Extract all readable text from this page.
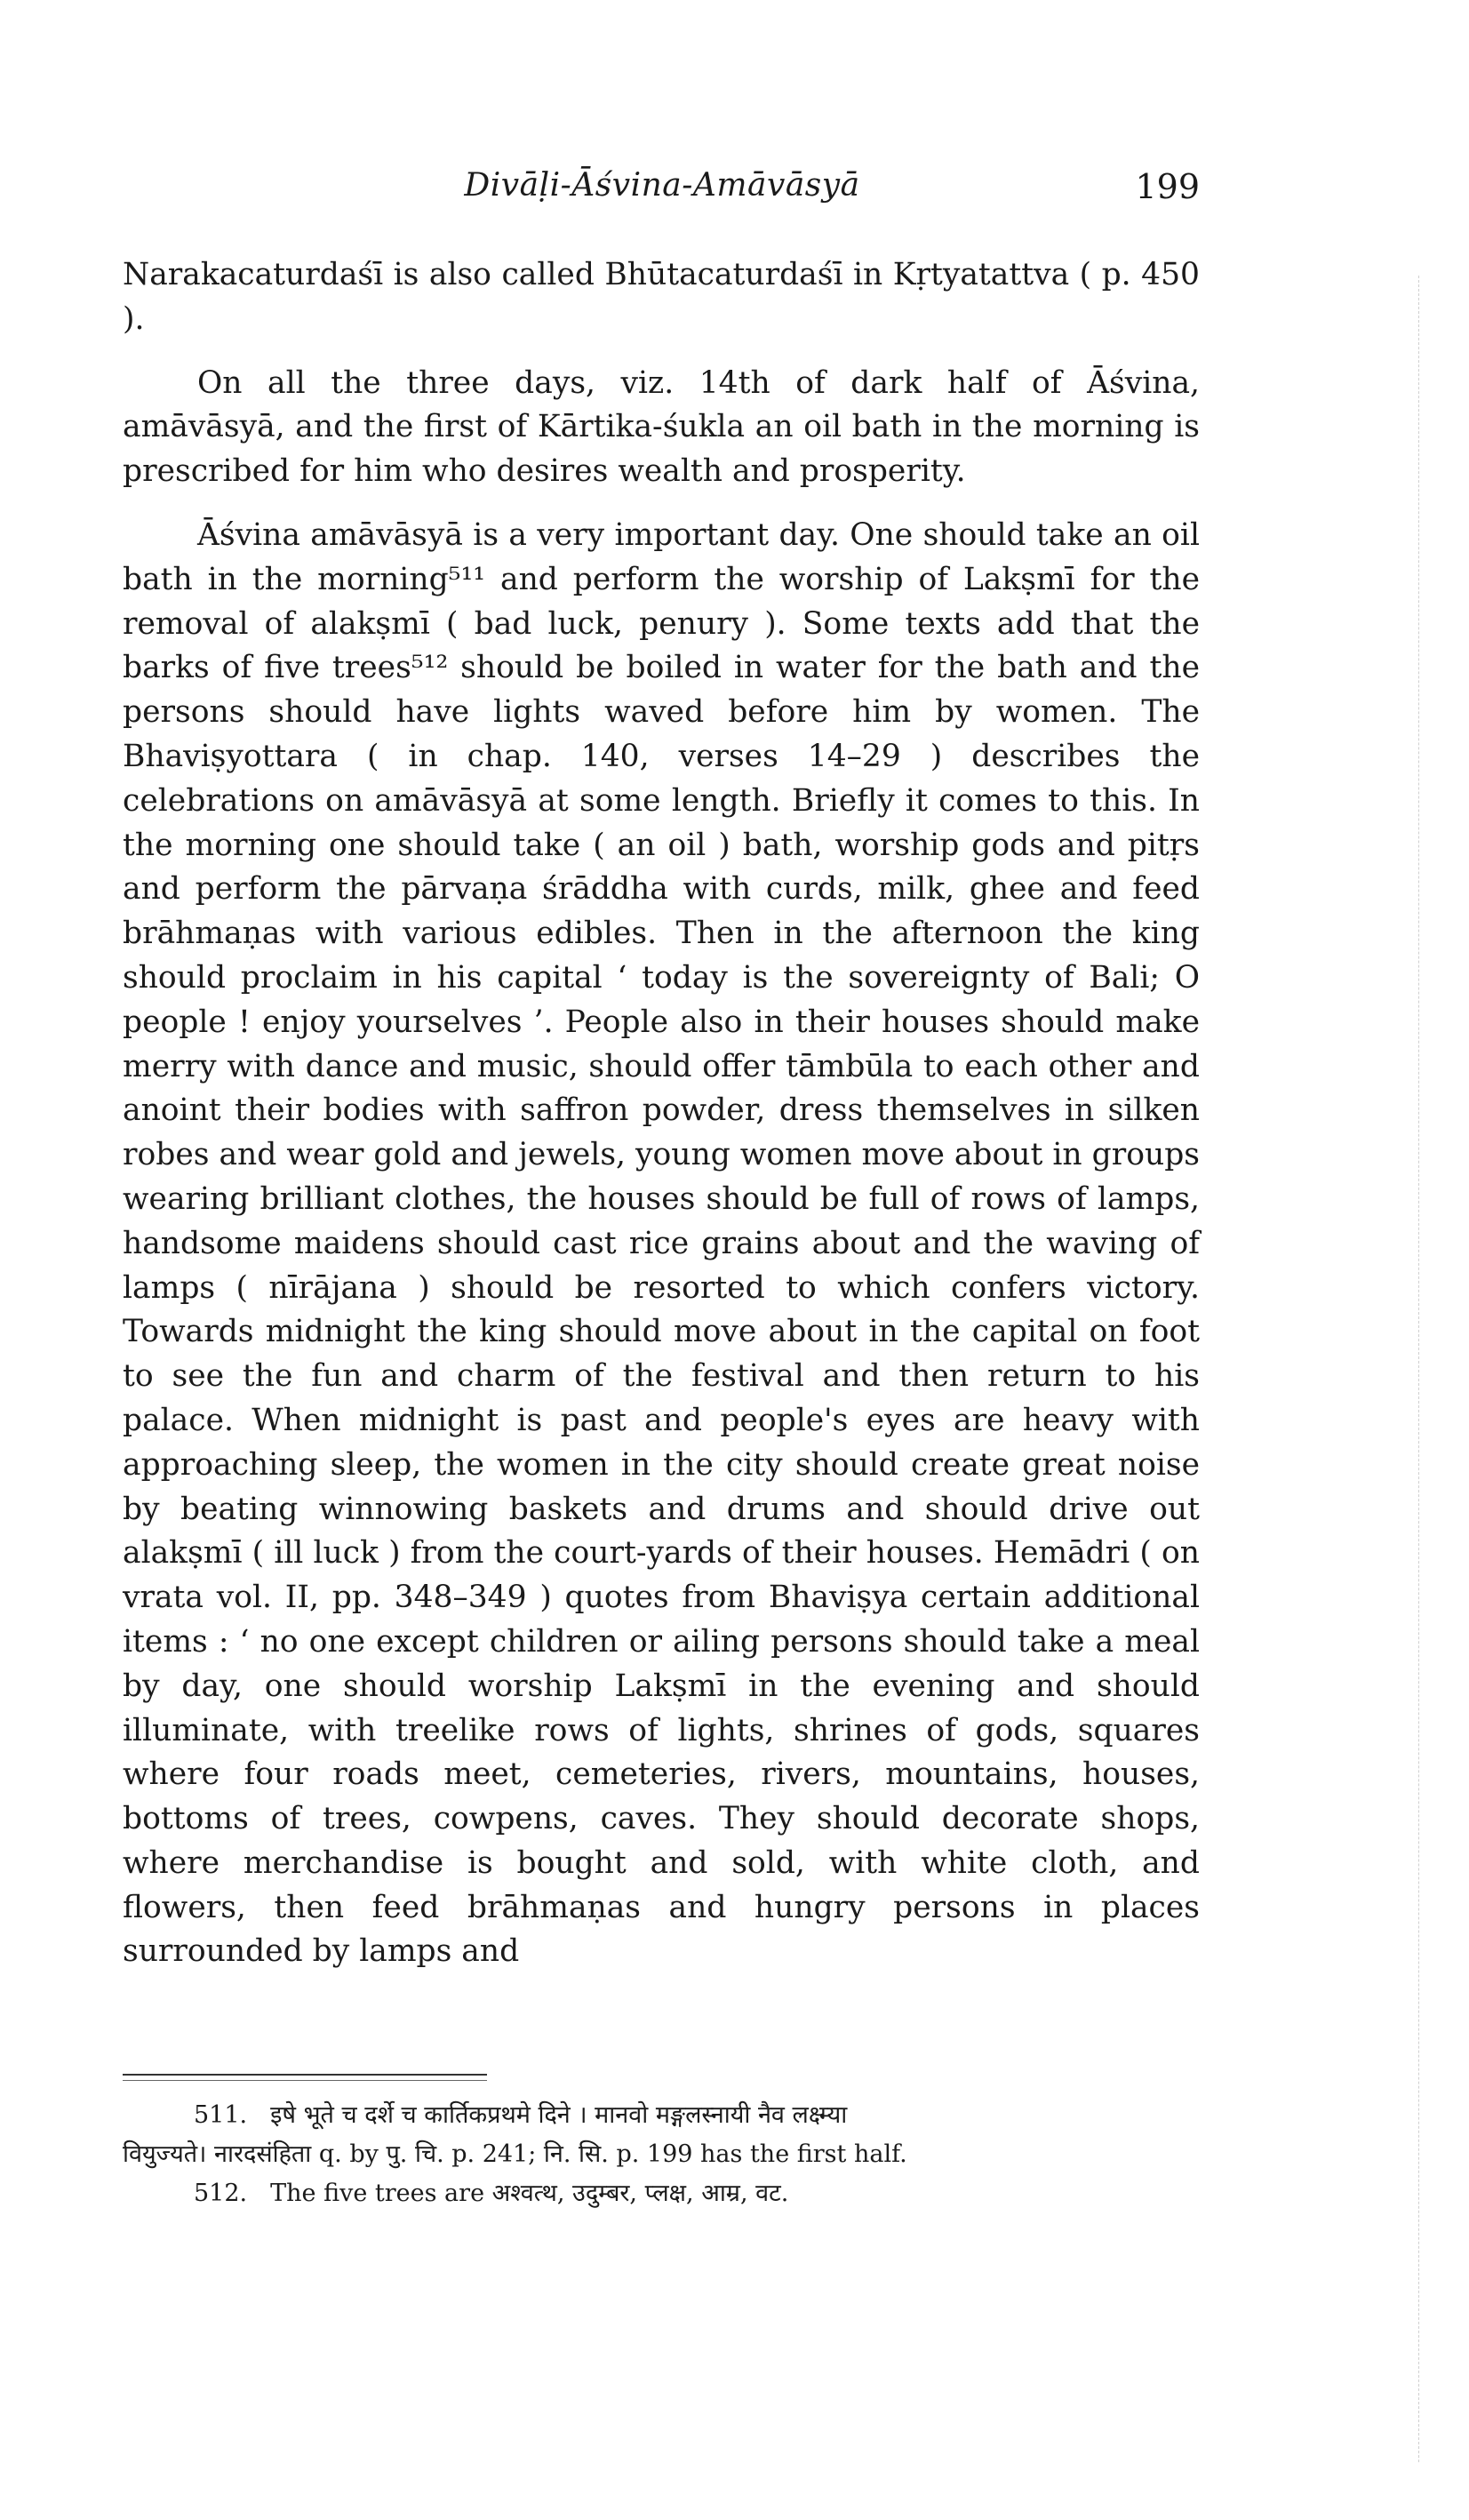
Divāḷi-Āśvina-Amāvāsyā	199

Narakacaturdaśī is also called Bhūtacaturdaśī in Kṛtyatattva ( p. 450 ).

On all the three days, viz. 14th of dark half of Āśvina, amāvāsyā, and the first of Kārtika-śukla an oil bath in the morning is prescribed for him who desires wealth and prosperity.

Āśvina amāvāsyā is a very important day. One should take an oil bath in the morning⁵¹¹ and perform the worship of Lakṣmī for the removal of alakṣmī ( bad luck, penury ). Some texts add that the barks of five trees⁵¹² should be boiled in water for the bath and the persons should have lights waved before him by women. The Bhaviṣyottara ( in chap. 140, verses 14–29 ) describes the celebrations on amāvāsyā at some length. Briefly it comes to this. In the morning one should take ( an oil ) bath, worship gods and pitṛs and perform the pārvaṇa śrāddha with curds, milk, ghee and feed brāhmaṇas with various edibles. Then in the afternoon the king should proclaim in his capital ‘ today is the sovereignty of Bali; O people ! enjoy yourselves ’. People also in their houses should make merry with dance and music, should offer tāmbūla to each other and anoint their bodies with saffron powder, dress themselves in silken robes and wear gold and jewels, young women move about in groups wearing brilliant clothes, the houses should be full of rows of lamps, handsome maidens should cast rice grains about and the waving of lamps ( nīrājana ) should be resorted to which confers victory. Towards midnight the king should move about in the capital on foot to see the fun and charm of the festival and then return to his palace. When midnight is past and people's eyes are heavy with approaching sleep, the women in the city should create great noise by beating winnowing baskets and drums and should drive out alakṣmī ( ill luck ) from the court-yards of their houses. Hemādri ( on vrata vol. II, pp. 348–349 ) quotes from Bhaviṣya certain additional items : ‘ no one except children or ailing persons should take a meal by day, one should worship Lakṣmī in the evening and should illuminate, with treelike rows of lights, shrines of gods, squares where four roads meet, cemeteries, rivers, mountains, houses, bottoms of trees, cowpens, caves. They should decorate shops, where merchandise is bought and sold, with white cloth, and flowers, then feed brāhmaṇas and hungry persons in places surrounded by lamps and

511. इषे भूते च दर्शे च कार्तिकप्रथमे दिने । मानवो मङ्गलस्नायी नैव लक्ष्म्या

वियुज्यते। नारदसंहिता q. by पु. चि. p. 241; नि. सि. p. 199 has the first half.

512. The five trees are अश्वत्थ, उदुम्बर, प्लक्ष, आम्र, वट.
